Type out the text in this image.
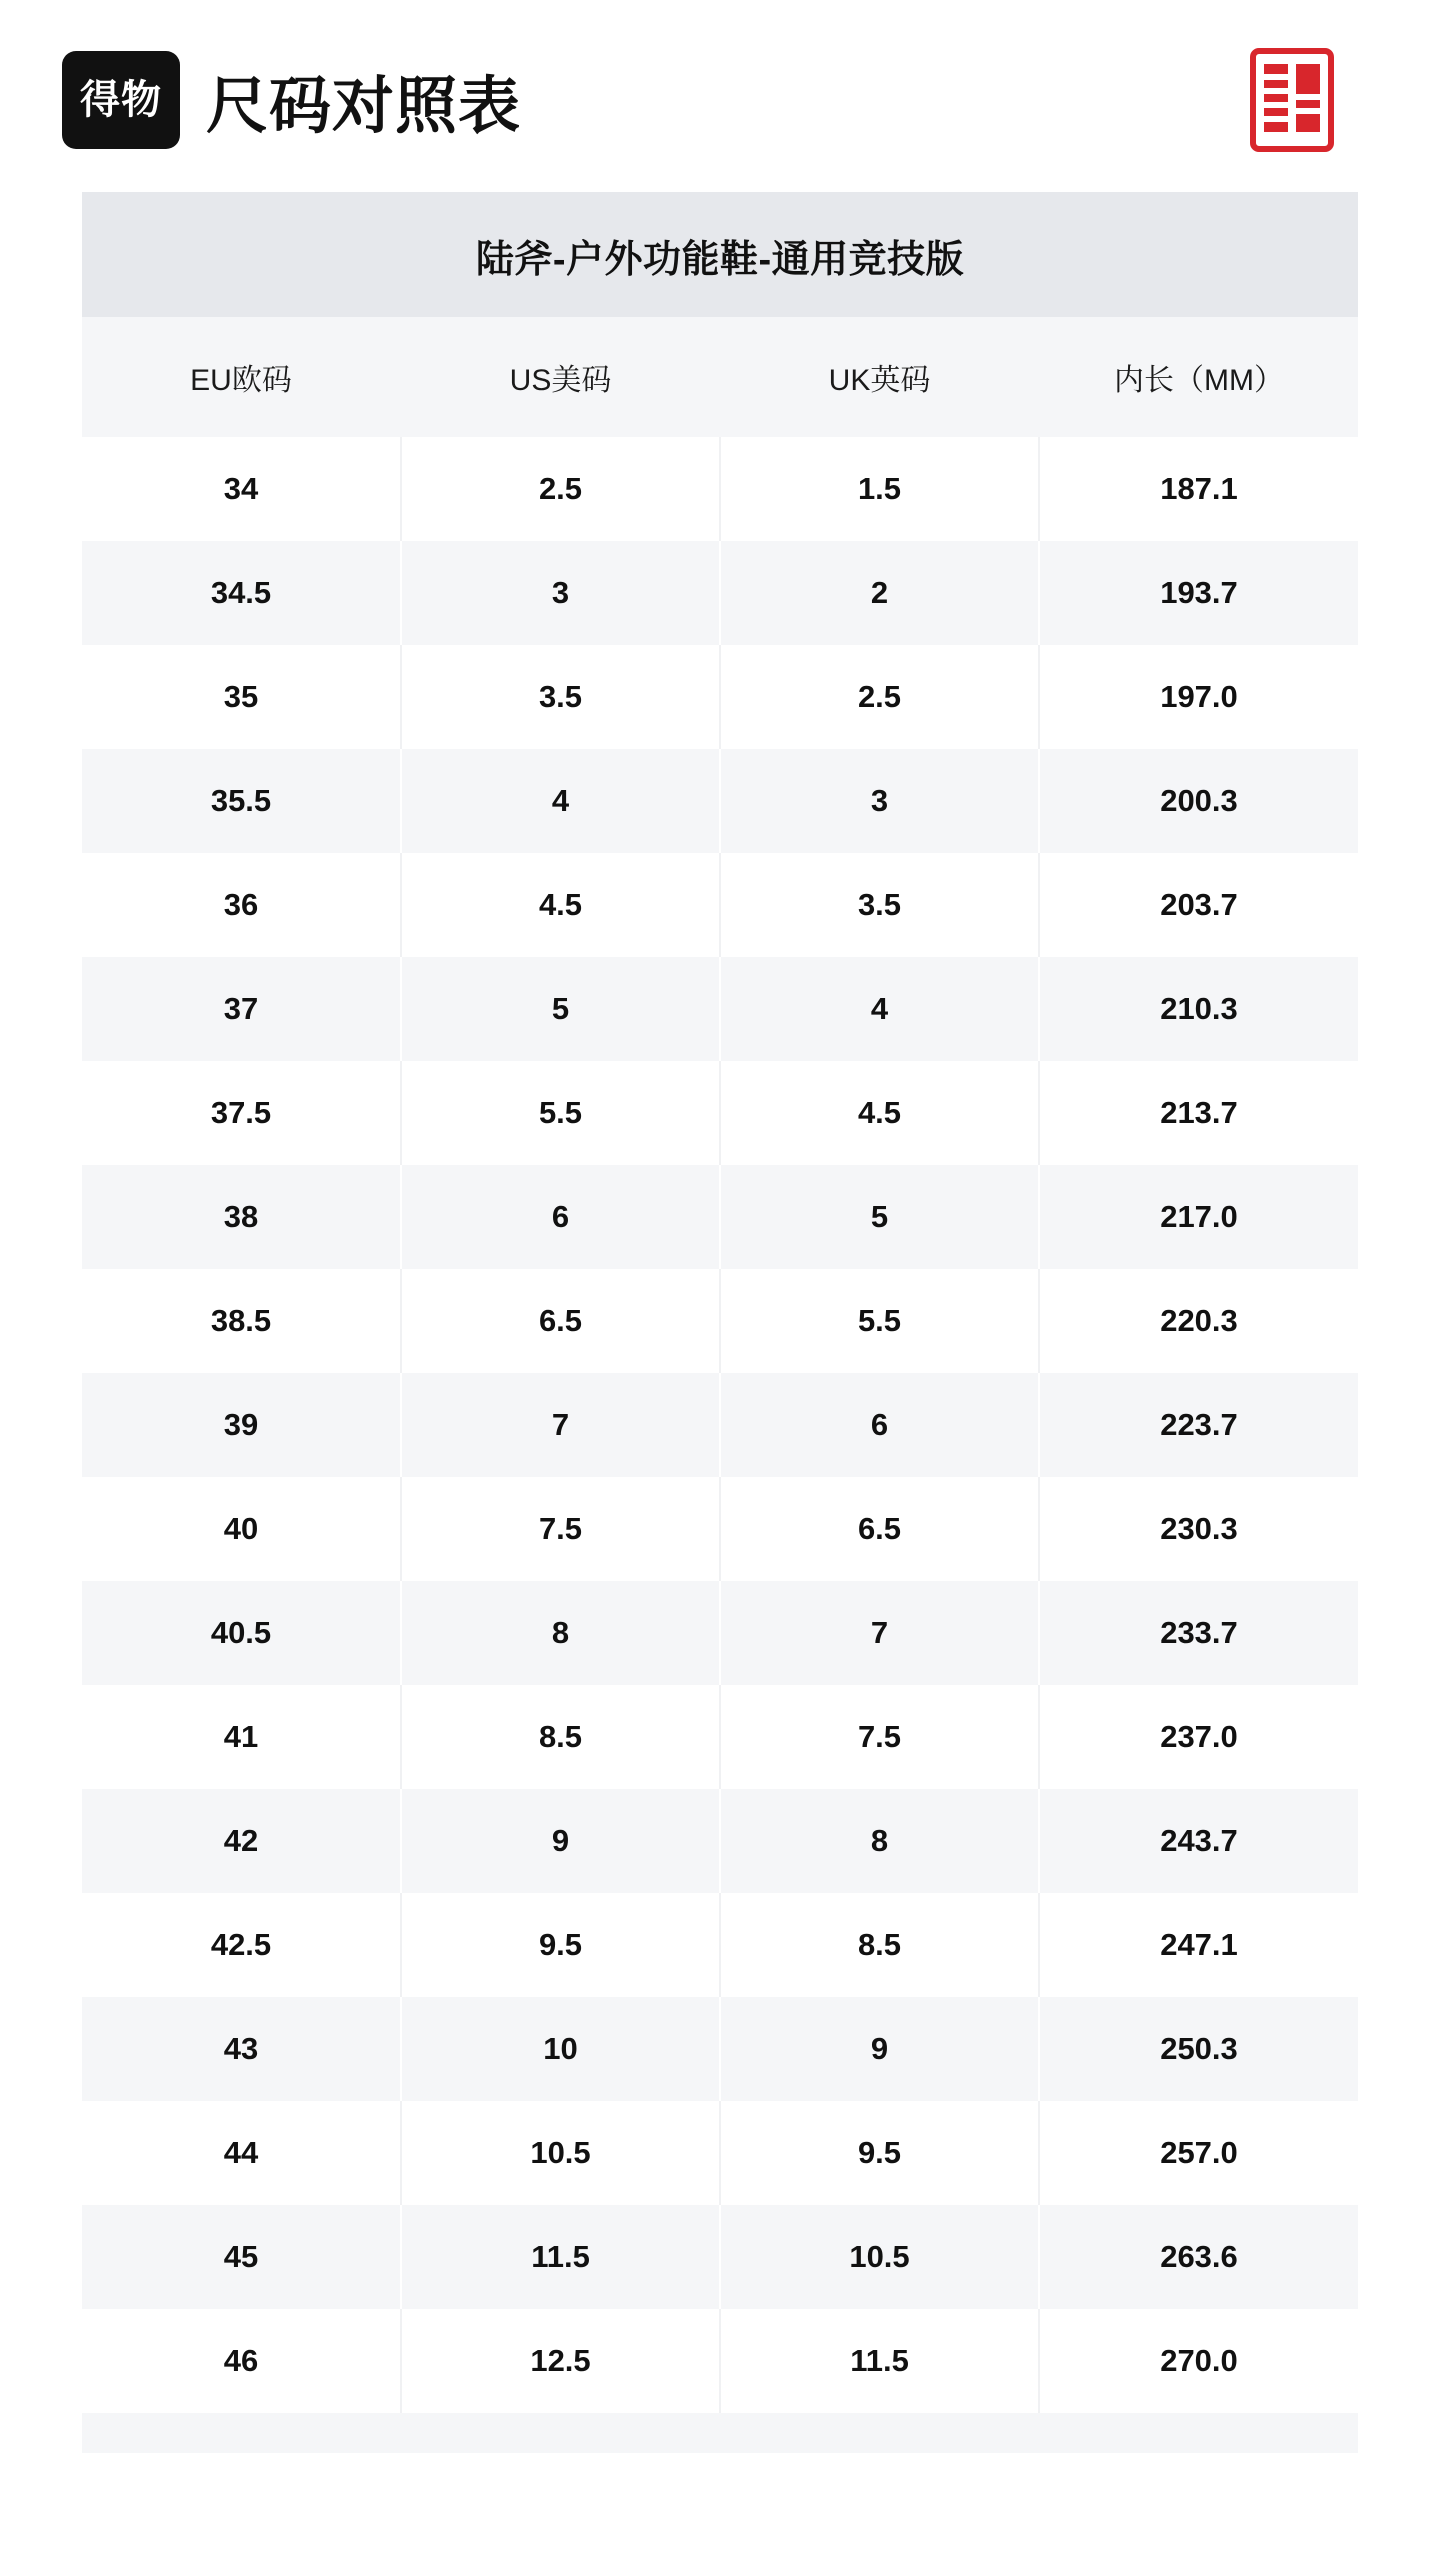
得物 尺码对照表
陆斧-户外功能鞋-通用竞技版
EU欧码	US美码	UK英码	内长（MM）
34	2.5	1.5	187.1
34.5	3	2	193.7
35	3.5	2.5	197.0
35.5	4	3	200.3
36	4.5	3.5	203.7
37	5	4	210.3
37.5	5.5	4.5	213.7
38	6	5	217.0
38.5	6.5	5.5	220.3
39	7	6	223.7
40	7.5	6.5	230.3
40.5	8	7	233.7
41	8.5	7.5	237.0
42	9	8	243.7
42.5	9.5	8.5	247.1
43	10	9	250.3
44	10.5	9.5	257.0
45	11.5	10.5	263.6
46	12.5	11.5	270.0
